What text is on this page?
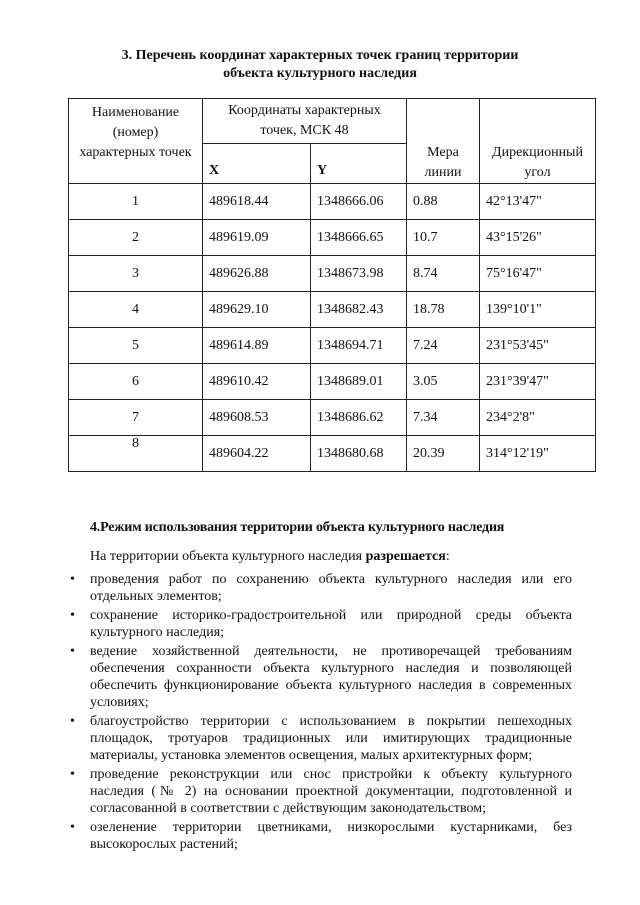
3. Перечень координат характерных точек границ территории
объекта культурного наследия
Наименование (номер) характерных точек	Координаты характерных точек, МСК 48		Мера линии	Дирекционный угол
	X	Y		
1	489618.44	1348666.06	0.88	42°13'47"
2	489619.09	1348666.65	10.7	43°15'26"
3	489626.88	1348673.98	8.74	75°16'47"
4	489629.10	1348682.43	18.78	139°10'1"
5	489614.89	1348694.71	7.24	231°53'45"
6	489610.42	1348689.01	3.05	231°39'47"
7	489608.53	1348686.62	7.34	234°2'8"
8	489604.22	1348680.68	20.39	314°12'19"
4.Режим использования территории объекта культурного наследия
На территории объекта культурного наследия разрешается:
• проведения работ по сохранению объекта культурного наследия или его отдельных элементов;
• сохранение историко-градостроительной или природной среды объекта культурного наследия;
• ведение хозяйственной деятельности, не противоречащей требованиям обеспечения сохранности объекта культурного наследия и позволяющей обеспечить функционирование объекта культурного наследия в современных условиях;
• благоустройство территории с использованием в покрытии пешеходных площадок, тротуаров традиционных или имитирующих традиционные материалы, установка элементов освещения, малых архитектурных форм;
• проведение реконструкции или снос пристройки к объекту культурного наследия (№ 2) на основании проектной документации, подготовленной и согласованной в соответствии с действующим законодательством;
• озеленение территории цветниками, низкорослыми кустарниками, без высокорослых растений;
